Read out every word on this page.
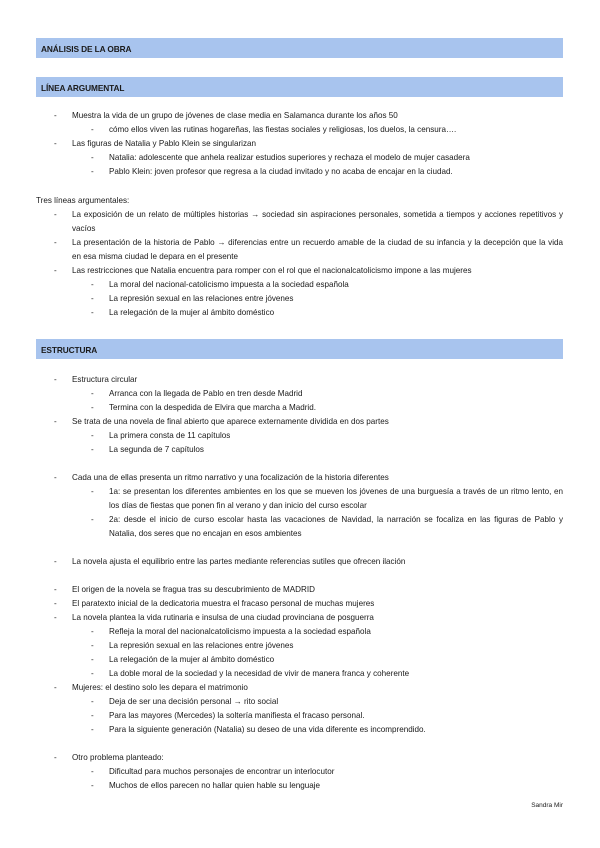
ANÁLISIS DE LA OBRA
LÍNEA ARGUMENTAL
- Muestra la vida de un grupo de jóvenes de clase media en Salamanca durante los años 50
- cómo ellos viven las rutinas hogareñas, las fiestas sociales y religiosas, los duelos, la censura….
- Las figuras de Natalia y Pablo Klein se singularizan
- Natalia: adolescente que anhela realizar estudios superiores y rechaza el modelo de mujer casadera
- Pablo Klein: joven profesor que regresa a la ciudad invitado y no acaba de encajar en la ciudad.
Tres líneas argumentales:
- La exposición de un relato de múltiples historias → sociedad sin aspiraciones personales, sometida a tiempos y acciones repetitivos y vacíos
- La presentación de la historia de Pablo → diferencias entre un recuerdo amable de la ciudad de su infancia y la decepción que la vida en esa misma ciudad le depara en el presente
- Las restricciones que Natalia encuentra para romper con el rol que el nacionalcatolicismo impone a las mujeres
- La moral del nacional-catolicismo impuesta a la sociedad española
- La represión sexual en las relaciones entre jóvenes
- La relegación de la mujer al ámbito doméstico
ESTRUCTURA
- Estructura circular
- Arranca con la llegada de Pablo en tren desde Madrid
- Termina con la despedida de Elvira que marcha a Madrid.
- Se trata de una novela de final abierto que aparece externamente dividida en dos partes
- La primera consta de 11 capítulos
- La segunda de 7 capítulos
- Cada una de ellas presenta un ritmo narrativo y una focalización de la historia diferentes
- 1a: se presentan los diferentes ambientes en los que se mueven los jóvenes de una burguesía a través de un ritmo lento, en los días de fiestas que ponen fin al verano y dan inicio del curso escolar
- 2a: desde el inicio de curso escolar hasta las vacaciones de Navidad, la narración se focaliza en las figuras de Pablo y Natalia, dos seres que no encajan en esos ambientes
- La novela ajusta el equilibrio entre las partes mediante referencias sutiles que ofrecen ilación
- El origen de la novela se fragua tras su descubrimiento de MADRID
- El paratexto inicial de la dedicatoria muestra el fracaso personal de muchas mujeres
- La novela plantea la vida rutinaria e insulsa de una ciudad provinciana de posguerra
- Refleja la moral del nacionalcatolicismo impuesta a la sociedad española
- La represión sexual en las relaciones entre jóvenes
- La relegación de la mujer al ámbito doméstico
- La doble moral de la sociedad y la necesidad de vivir de manera franca y coherente
- Mujeres: el destino solo les depara el matrimonio
- Deja de ser una decisión personal → rito social
- Para las mayores (Mercedes) la soltería manifiesta el fracaso personal.
- Para la siguiente generación (Natalia) su deseo de una vida diferente es incomprendido.
- Otro problema planteado:
- Dificultad para muchos personajes de encontrar un interlocutor
- Muchos de ellos parecen no hallar quien hable su lenguaje
Sandra Mir
